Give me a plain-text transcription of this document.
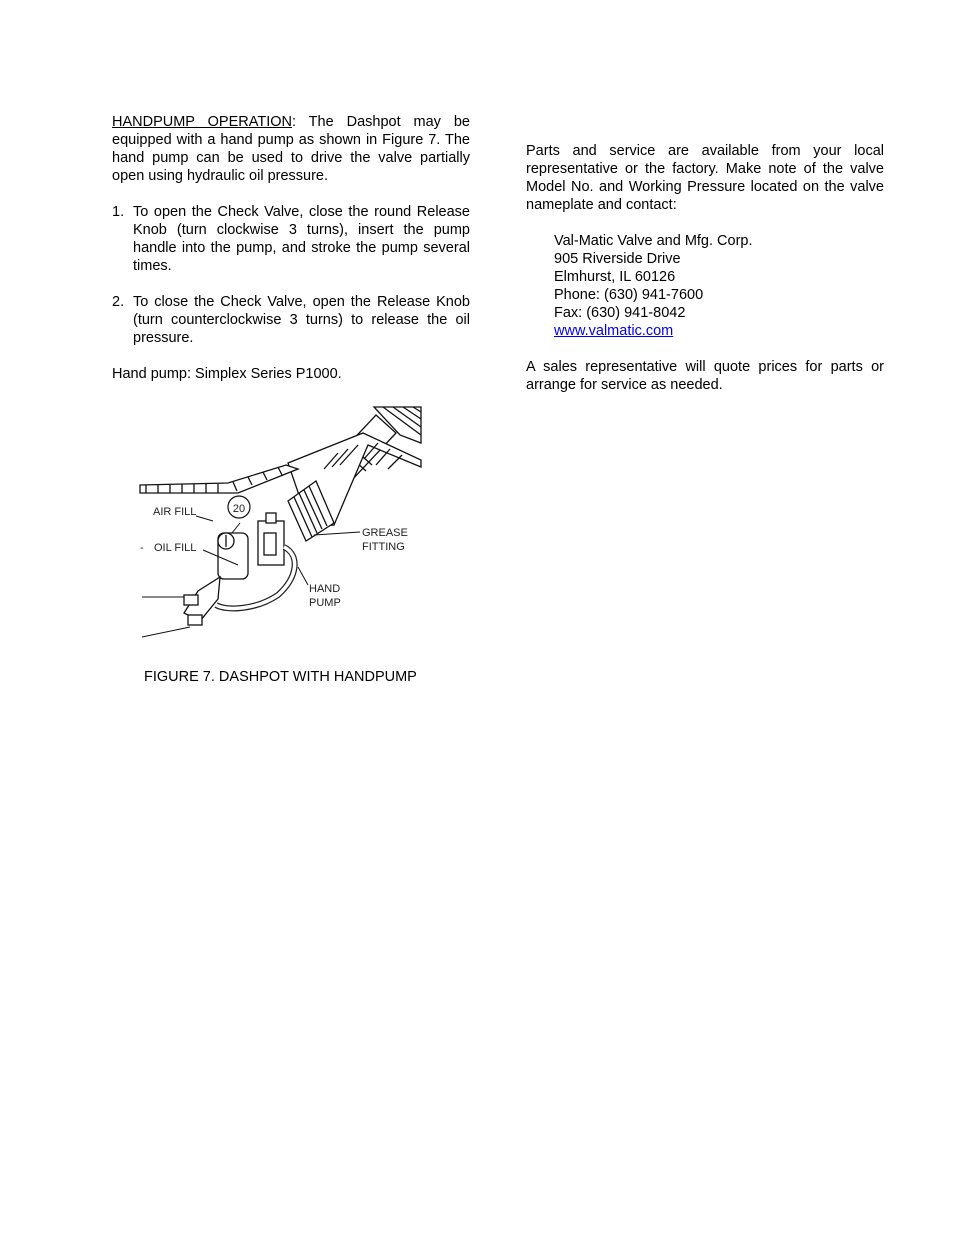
HANDPUMP OPERATION: The Dashpot may be equipped with a hand pump as shown in Figure 7. The hand pump can be used to drive the valve partially open using hydraulic oil pressure.

1. To open the Check Valve, close the round Release Knob (turn clockwise 3 turns), insert the pump handle into the pump, and stroke the pump several times.
2. To close the Check Valve, open the Release Knob (turn counterclockwise 3 turns) to release the oil pressure.

Hand pump: Simplex Series P1000.

20
AIR FILL
- OIL FILL
GREASE
FITTING
HAND
PUMP
FIGURE 7. DASHPOT WITH HANDPUMP

Parts and service are available from your local representative or the factory. Make note of the valve Model No. and Working Pressure located on the valve nameplate and contact:

Val-Matic Valve and Mfg. Corp.
905 Riverside Drive
Elmhurst, IL 60126
Phone: (630) 941-7600
Fax: (630) 941-8042
www.valmatic.com

A sales representative will quote prices for parts or arrange for service as needed.
